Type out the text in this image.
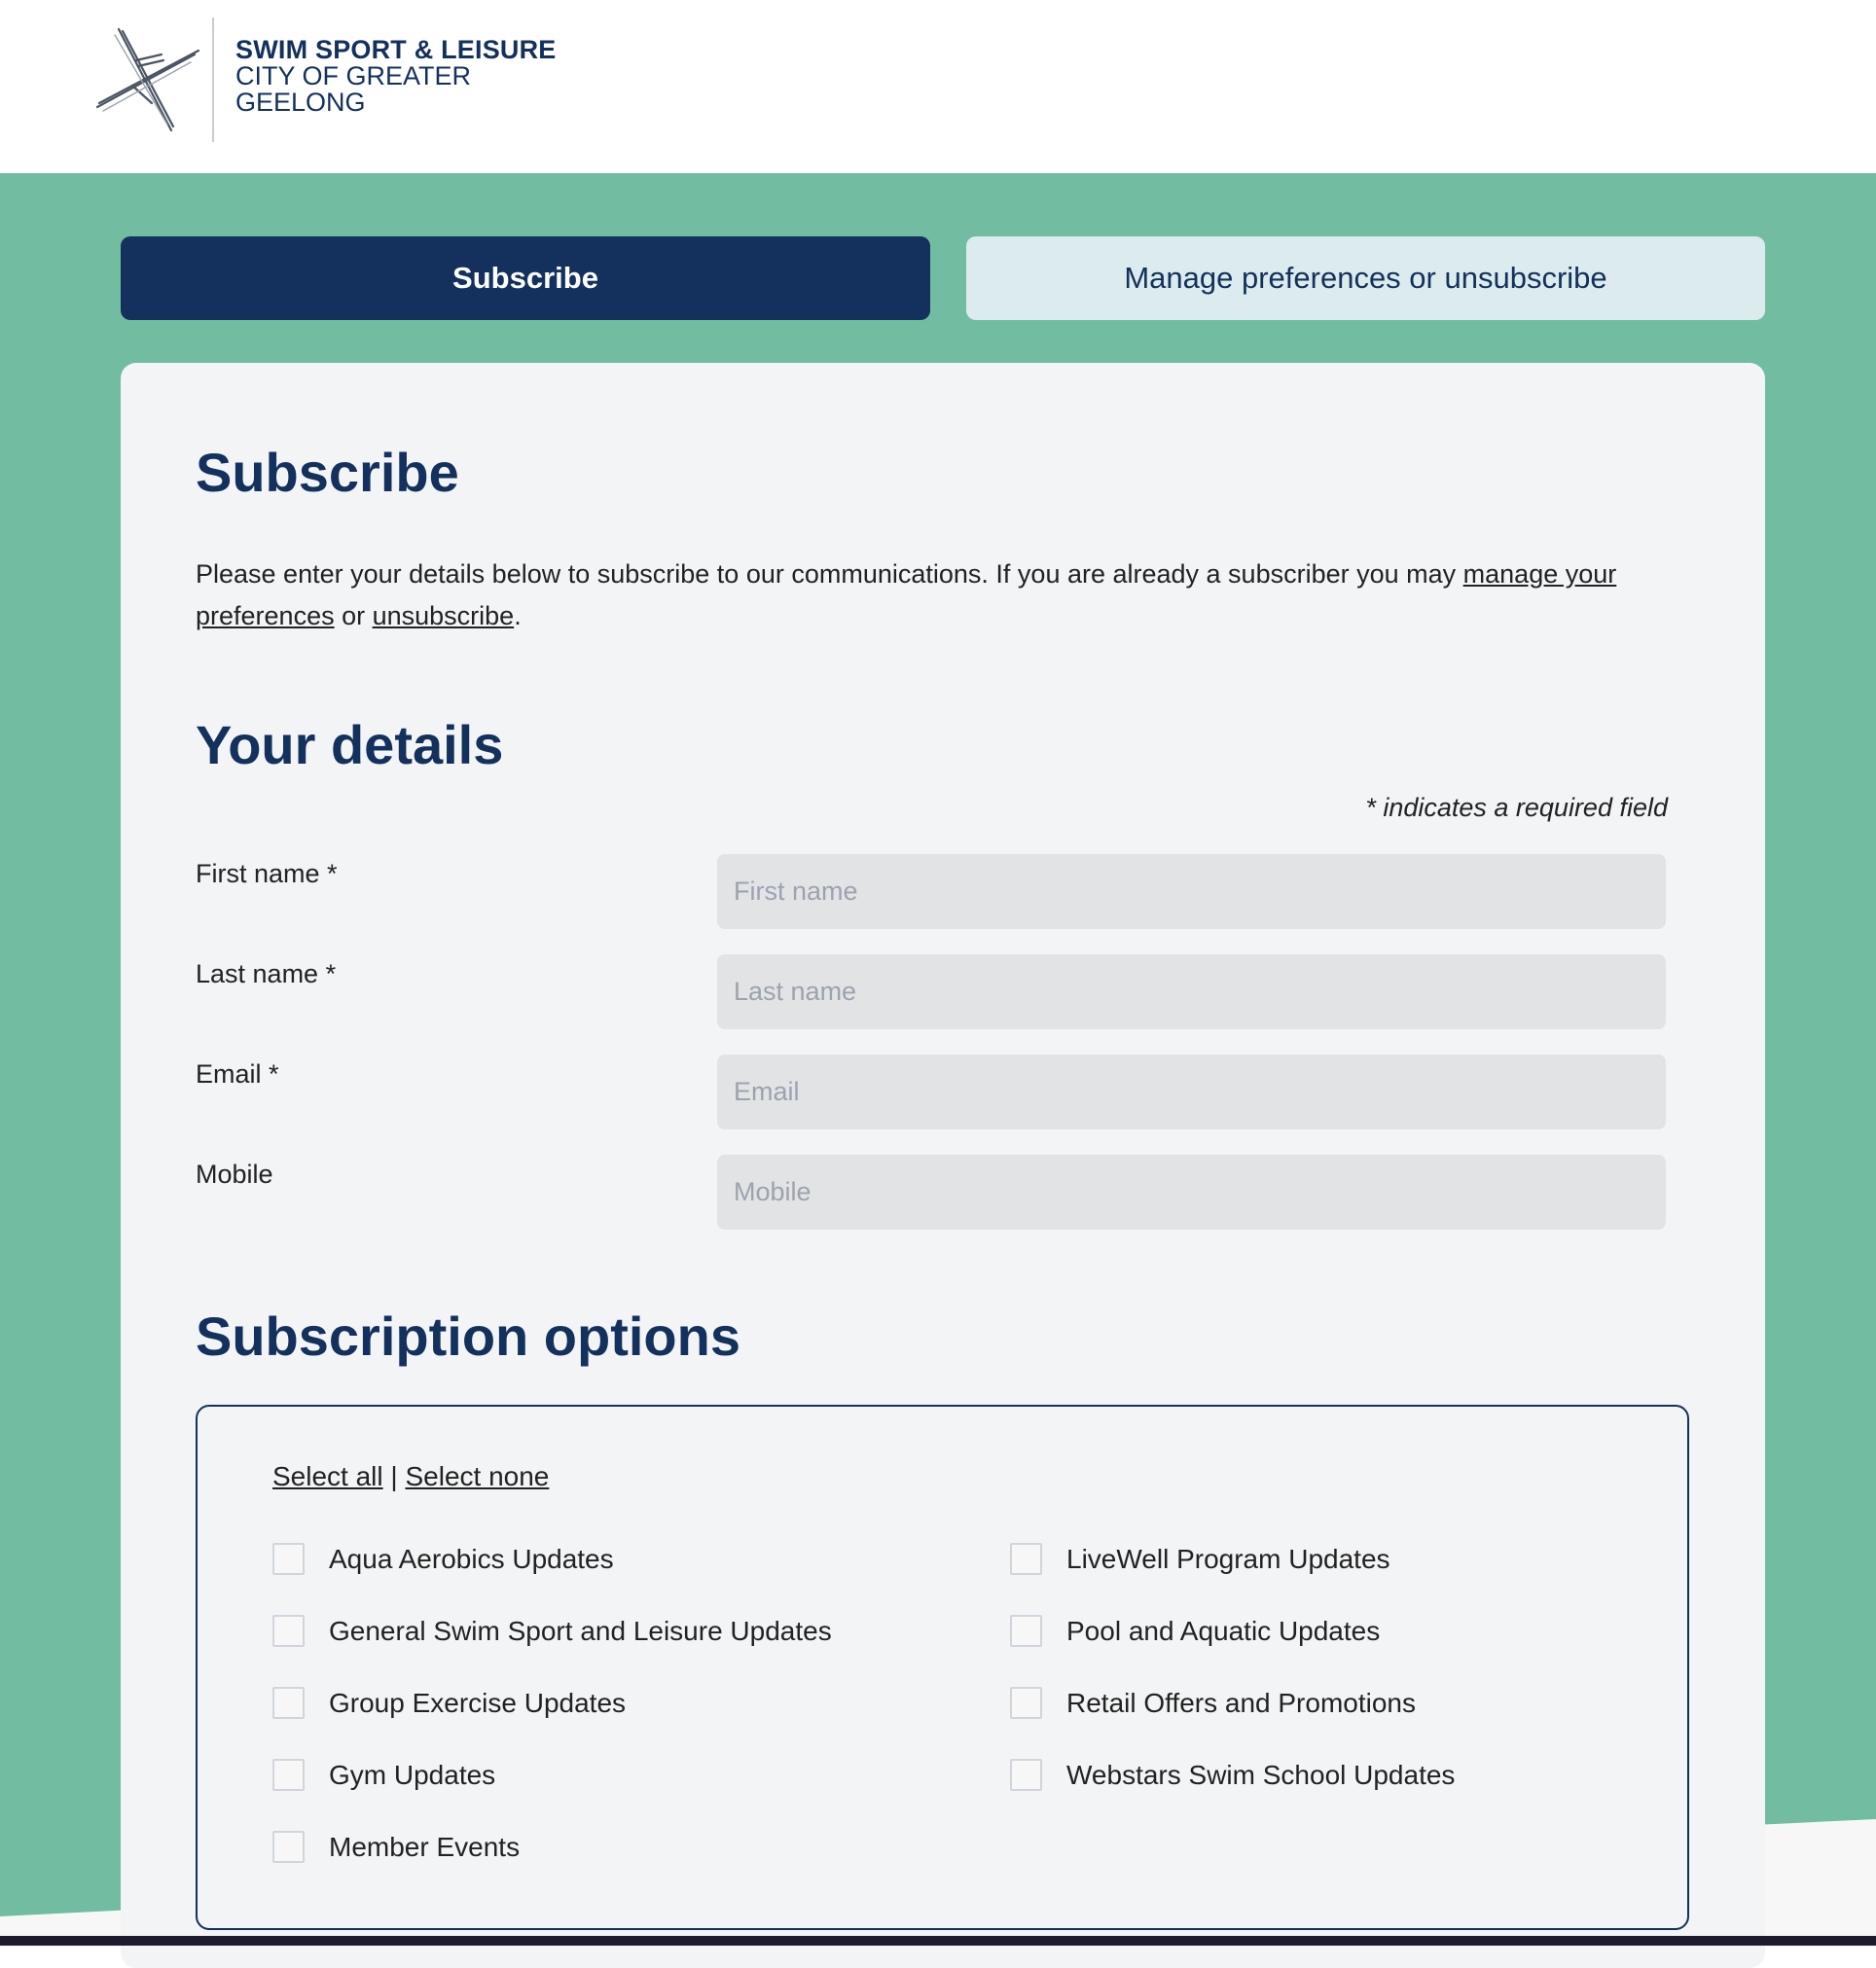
SWIM SPORT & LEISURE
CITY OF GREATER
GEELONG
Subscribe	Manage preferences or unsubscribe
Subscribe

Please enter your details below to subscribe to our communications. If you are already a subscriber you may manage your preferences or unsubscribe.

Your details
* indicates a required field
First name *
First name
Last name *
Last name
Email *
Email
Mobile
Mobile
Subscription options
Select all | Select none
Aqua Aerobics Updates
General Swim Sport and Leisure Updates
Group Exercise Updates
Gym Updates
Member Events
LiveWell Program Updates
Pool and Aquatic Updates
Retail Offers and Promotions
Webstars Swim School Updates
